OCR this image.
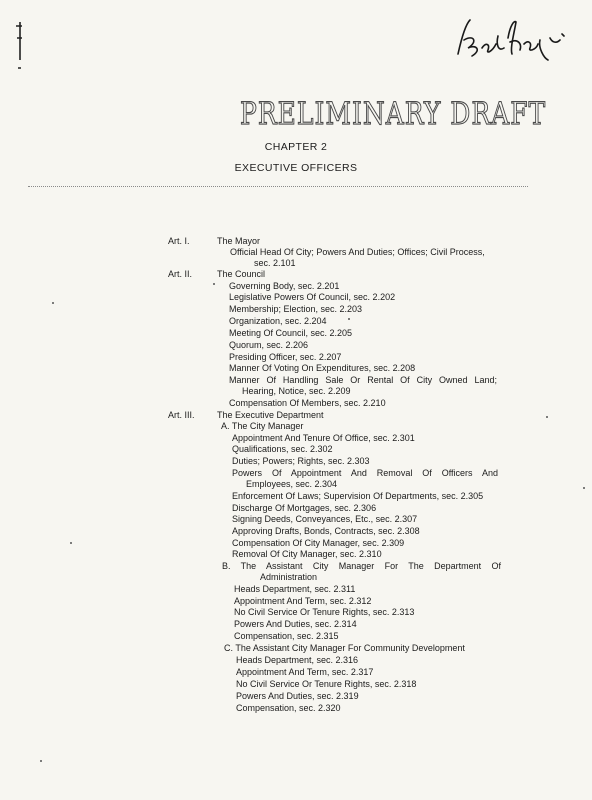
PRELIMINARY DRAFT
CHAPTER 2
EXECUTIVE OFFICERS
Art. I.	The Mayor
Official Head Of City; Powers And Duties; Offices; Civil Process,
sec. 2.101
Art. II.	The Council
Governing Body, sec. 2.201
Legislative Powers Of Council, sec. 2.202
Membership; Election, sec. 2.203
Organization, sec. 2.204
Meeting Of Council, sec. 2.205
Quorum, sec. 2.206
Presiding Officer, sec. 2.207
Manner Of Voting On Expenditures, sec. 2.208
Manner Of Handling Sale Or Rental Of City Owned Land;
Hearing, Notice, sec. 2.209
Compensation Of Members, sec. 2.210
Art. III. The Executive Department
A. The City Manager
Appointment And Tenure Of Office, sec. 2.301
Qualifications, sec. 2.302
Duties; Powers; Rights, sec. 2.303
Powers Of Appointment And Removal Of Officers And
Employees, sec. 2.304
Enforcement Of Laws; Supervision Of Departments, sec. 2.305
Discharge Of Mortgages, sec. 2.306
Signing Deeds, Conveyances, Etc., sec. 2.307
Approving Drafts, Bonds, Contracts, sec. 2.308
Compensation Of City Manager, sec. 2.309
Removal Of City Manager, sec. 2.310
B. The Assistant City Manager For The Department Of
Administration
Heads Department, sec. 2.311
Appointment And Term, sec. 2.312
No Civil Service Or Tenure Rights, sec. 2.313
Powers And Duties, sec. 2.314
Compensation, sec. 2.315
C. The Assistant City Manager For Community Development
Heads Department, sec. 2.316
Appointment And Term, sec. 2.317
No Civil Service Or Tenure Rights, sec. 2.318
Powers And Duties, sec. 2.319
Compensation, sec. 2.320
